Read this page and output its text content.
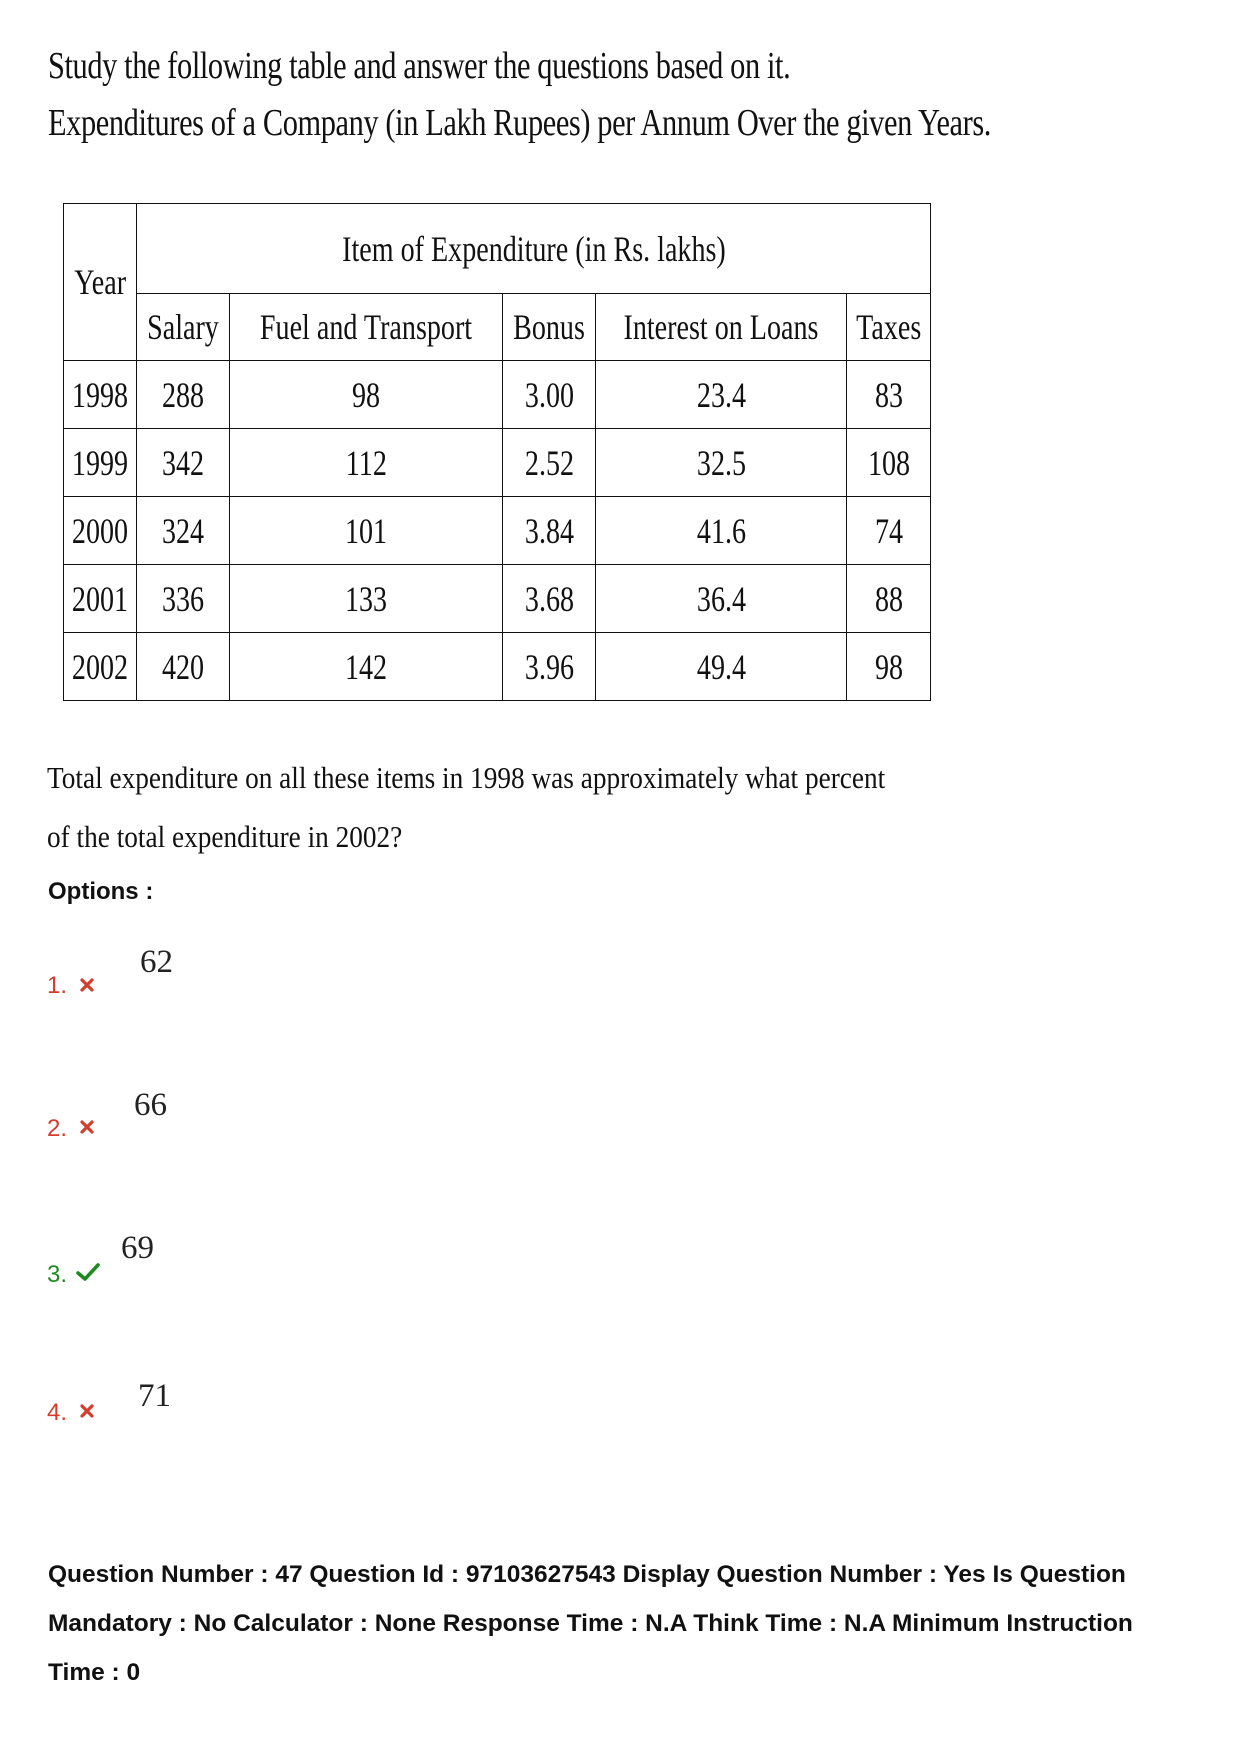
Study the following table and answer the questions based on it.
Expenditures of a Company (in Lakh Rupees) per Annum Over the given Years.
Year	Item of Expenditure (in Rs. lakhs)				
	Salary	Fuel and Transport	Bonus	Interest on Loans	Taxes
1998	288	98	3.00	23.4	83
1999	342	112	2.52	32.5	108
2000	324	101	3.84	41.6	74
2001	336	133	3.68	36.4	88
2002	420	142	3.96	49.4	98
Total expenditure on all these items in 1998 was approximately what percent
of the total expenditure in 2002?
Options :
1.
62
2.
66
3.
69
4. 71
Question Number : 47 Question Id : 97103627543 Display Question Number : Yes Is Question
Mandatory : No Calculator : None Response Time : N.A Think Time : N.A Minimum Instruction
Time : 0
